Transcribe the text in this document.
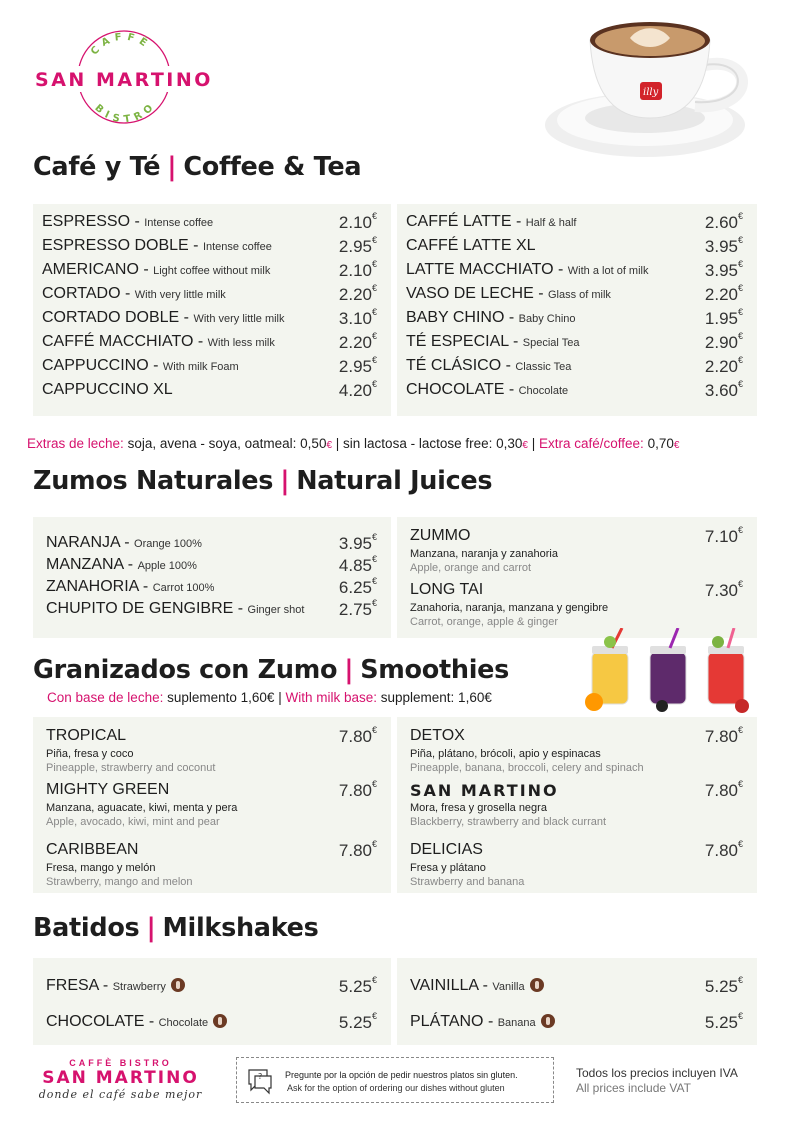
CAFFÈ
BISTRO
SAN MARTINO
illy
Café y Té | Coffee & Tea
ESPRESSO - Intense coffee	2.10€
ESPRESSO DOBLE - Intense coffee	2.95€
AMERICANO - Light coffee without milk	2.10€
CORTADO - With very little milk	2.20€
CORTADO DOBLE - With very little milk	3.10€
CAFFÉ MACCHIATO - With less milk	2.20€
CAPPUCCINO - With milk Foam	2.95€
CAPPUCCINO XL	4.20€
CAFFÉ LATTE - Half & half	2.60€
CAFFÉ LATTE XL	3.95€
LATTE MACCHIATO - With a lot of milk	3.95€
VASO DE LECHE - Glass of milk	2.20€
BABY CHINO - Baby Chino	1.95€
TÉ ESPECIAL - Special Tea	2.90€
TÉ CLÁSICO - Classic Tea	2.20€
CHOCOLATE - Chocolate	3.60€
Extras de leche: soja, avena - soya, oatmeal: 0,50€ | sin lactosa - lactose free: 0,30€ | Extra café/coffee: 0,70€
Zumos Naturales | Natural Juices
NARANJA - Orange 100%	3.95€
MANZANA - Apple 100%	4.85€
ZANAHORIA - Carrot 100%	6.25€
CHUPITO DE GENGIBRE - Ginger shot 2.75€
ZUMMO
Manzana, naranja y zanahoria
Apple, orange and carrot
7.10€
LONG TAI
Zanahoria, naranja, manzana y gengibre
Carrot, orange, apple & ginger
7.30€
Granizados con Zumo | Smoothies
Con base de leche: suplemento 1,60€ | With milk base: supplement: 1,60€
TROPICAL
Piña, fresa y coco
Pineapple, strawberry and coconut
7.80€
MIGHTY GREEN
Manzana, aguacate, kiwi, menta y pera
Apple, avocado, kiwi, mint and pear
7.80€
CARIBBEAN
Fresa, mango y melón
Strawberry, mango and melon
7.80€
DETOX
Piña, plátano, brócoli, apio y espinacas
Pineapple, banana, broccoli, celery and spinach
7.80€
SAN MARTINO
Mora, fresa y grosella negra
Blackberry, strawberry and black currant
7.80€
DELICIAS
Fresa y plátano
Strawberry and banana
7.80€
Batidos | Milkshakes
FRESA - Strawberry	5.25€
CHOCOLATE - Chocolate	5.25€
VAINILLA - Vanilla	5.25€
PLÁTANO - Banana	5.25€
CAFFÈ BISTRO
SAN MARTINO
donde el café sabe mejor
?	Pregunte por la opción de pedir nuestros platos sin gluten.
Ask for the option of ordering our dishes without gluten
Todos los precios incluyen IVA
All prices include VAT
